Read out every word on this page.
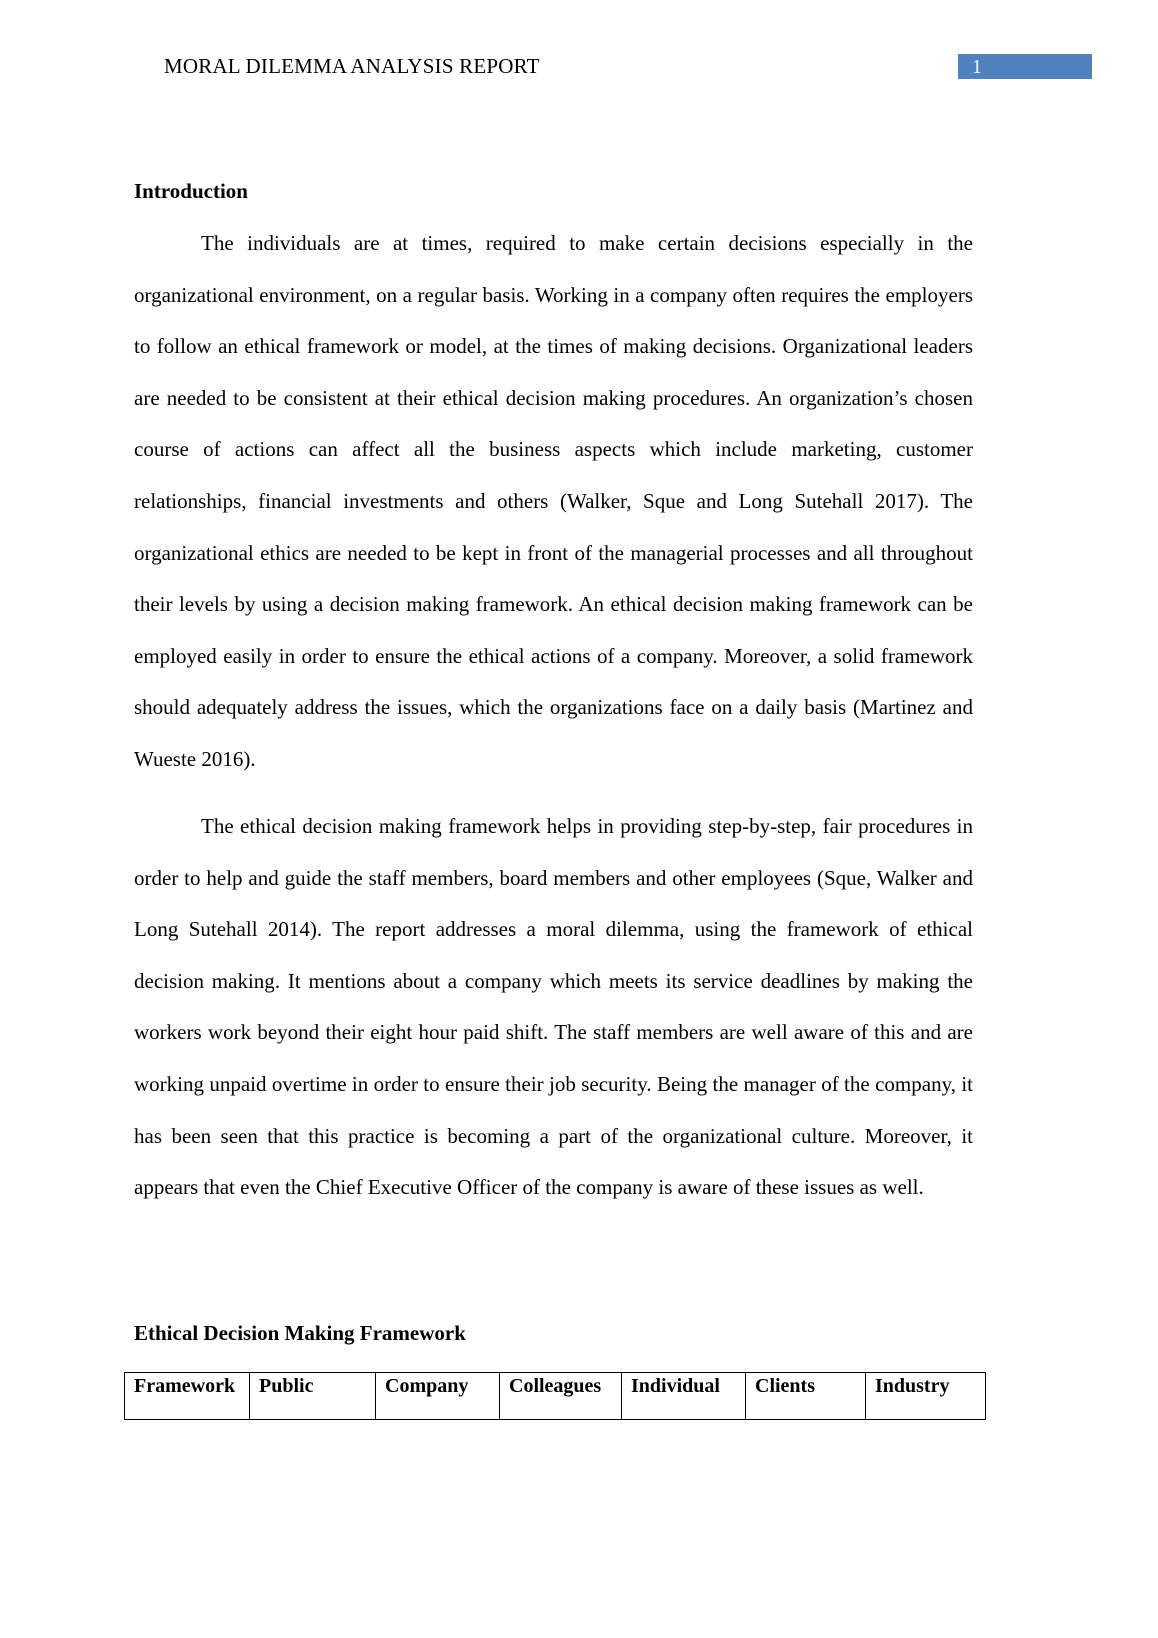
MORAL DILEMMA ANALYSIS REPORT	1
Introduction

The individuals are at times, required to make certain decisions especially in the organizational environment, on a regular basis. Working in a company often requires the employers to follow an ethical framework or model, at the times of making decisions. Organizational leaders are needed to be consistent at their ethical decision making procedures. An organization’s chosen course of actions can affect all the business aspects which include marketing, customer relationships, financial investments and others (Walker, Sque and Long Sutehall 2017). The organizational ethics are needed to be kept in front of the managerial processes and all throughout their levels by using a decision making framework. An ethical decision making framework can be employed easily in order to ensure the ethical actions of a company. Moreover, a solid framework should adequately address the issues, which the organizations face on a daily basis (Martinez and Wueste 2016).

The ethical decision making framework helps in providing step-by-step, fair procedures in order to help and guide the staff members, board members and other employees (Sque, Walker and Long Sutehall 2014). The report addresses a moral dilemma, using the framework of ethical decision making. It mentions about a company which meets its service deadlines by making the workers work beyond their eight hour paid shift. The staff members are well aware of this and are working unpaid overtime in order to ensure their job security. Being the manager of the company, it has been seen that this practice is becoming a part of the organizational culture. Moreover, it appears that even the Chief Executive Officer of the company is aware of these issues as well.

Ethical Decision Making Framework
Framework	Public	Company	Colleagues	Individual	Clients	Industry
